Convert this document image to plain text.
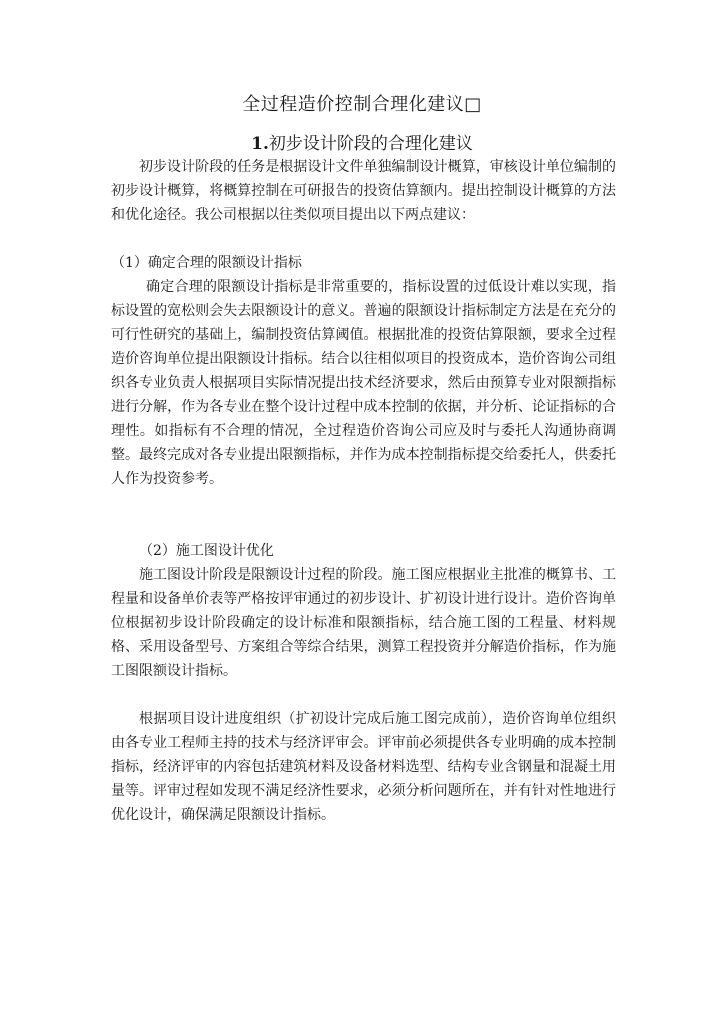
全过程造价控制合理化建议□
1.初步设计阶段的合理化建议

初步设计阶段的任务是根据设计文件单独编制设计概算，审核设计单位编制的初步设计概算，将概算控制在可研报告的投资估算额内。提出控制设计概算的方法和优化途径。我公司根据以往类似项目提出以下两点建议：

（1）确定合理的限额设计指标

确定合理的限额设计指标是非常重要的，指标设置的过低设计难以实现，指标设置的宽松则会失去限额设计的意义。普遍的限额设计指标制定方法是在充分的可行性研究的基础上，编制投资估算阈值。根据批准的投资估算限额，要求全过程造价咨询单位提出限额设计指标。结合以往相似项目的投资成本，造价咨询公司组织各专业负责人根据项目实际情况提出技术经济要求，然后由预算专业对限额指标进行分解，作为各专业在整个设计过程中成本控制的依据，并分析、论证指标的合理性。如指标有不合理的情况，全过程造价咨询公司应及时与委托人沟通协商调整。最终完成对各专业提出限额指标，并作为成本控制指标提交给委托人，供委托人作为投资参考。

（2）施工图设计优化

施工图设计阶段是限额设计过程的阶段。施工图应根据业主批准的概算书、工程量和设备单价表等严格按评审通过的初步设计、扩初设计进行设计。造价咨询单位根据初步设计阶段确定的设计标准和限额指标，结合施工图的工程量、材料规格、采用设备型号、方案组合等综合结果，测算工程投资并分解造价指标，作为施工图限额设计指标。

根据项目设计进度组织（扩初设计完成后施工图完成前），造价咨询单位组织由各专业工程师主持的技术与经济评审会。评审前必须提供各专业明确的成本控制指标，经济评审的内容包括建筑材料及设备材料选型、结构专业含钢量和混凝土用量等。评审过程如发现不满足经济性要求，必须分析问题所在，并有针对性地进行优化设计，确保满足限额设计指标。
